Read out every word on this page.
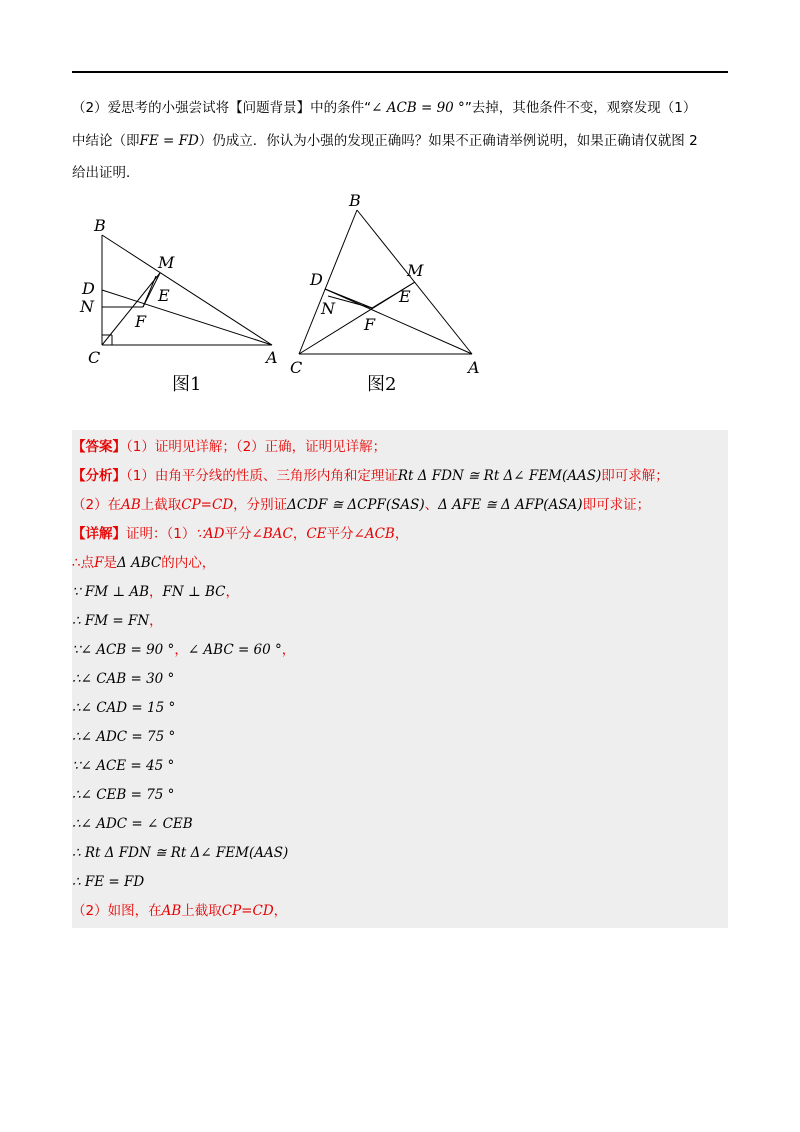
（2）爱思考的小强尝试将【问题背景】中的条件“∠ ACB = 90 °”去掉，其他条件不变，观察发现（1）
中结论（即FE = FD）仍成立．你认为小强的发现正确吗？如果不正确请举例说明，如果正确请仅就图 2
给出证明．
B
M
D	E
N
F
C	A
图1
B
M
D
E
N
F
C	A
图2
【答案】（1）证明见详解；（2）正确，证明见详解；
【分析】（1）由角平分线的性质、三角形内角和定理证Rt Δ FDN ≅ Rt Δ∠ FEM(AAS)即可求解；
（2）在AB上截取CP=CD，分别证ΔCDF ≅ ΔCPF(SAS)、Δ AFE ≅ Δ AFP(ASA)即可求证；
【详解】证明：（1）∵AD平分∠BAC，CE平分∠ACB，
∴点F是Δ ABC的内心，
∵ FM ⊥ AB，FN ⊥ BC，
∴ FM = FN，
∵∠ ACB = 90 °，∠ ABC = 60 °，
∴∠ CAB = 30 °
∴∠ CAD = 15 °
∴∠ ADC = 75 °
∵∠ ACE = 45 °
∴∠ CEB = 75 °
∴∠ ADC = ∠ CEB
∴ Rt Δ FDN ≅ Rt Δ∠ FEM(AAS)
∴ FE = FD
（2）如图，在AB上截取CP=CD，
